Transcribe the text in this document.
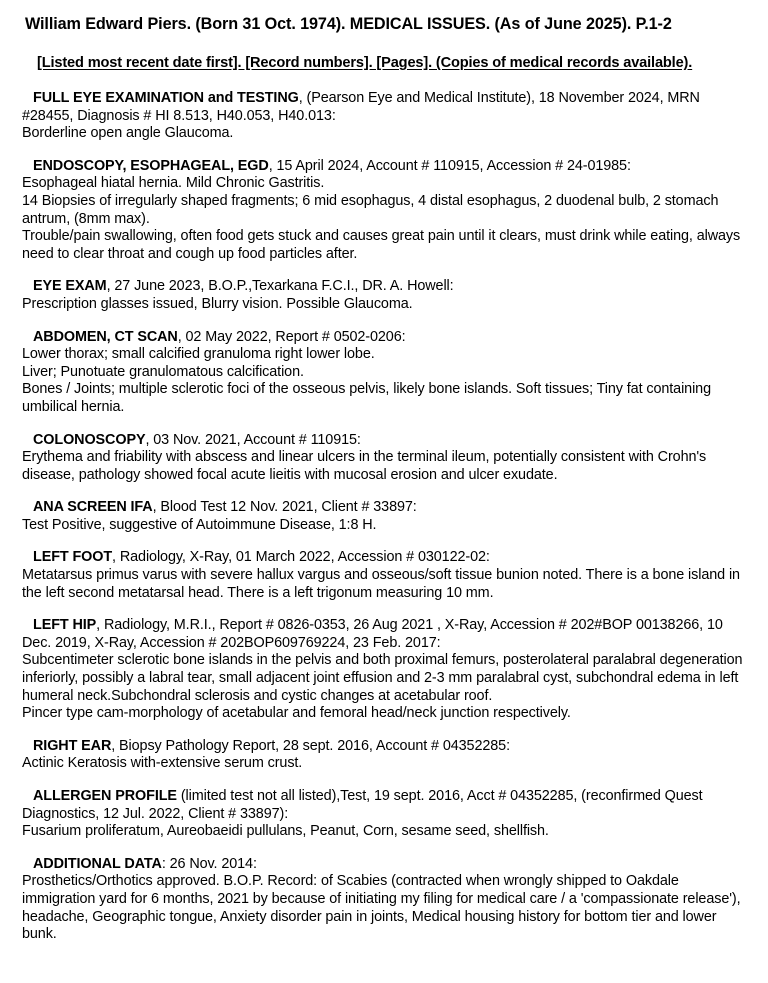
William Edward Piers. (Born 31 Oct. 1974). MEDICAL ISSUES. (As of June 2025). P.1-2
[Listed most recent date first]. [Record numbers]. [Pages]. (Copies of medical records available).

FULL EYE EXAMINATION and TESTING, (Pearson Eye and Medical Institute), 18 November 2024, MRN #28455, Diagnosis # HI 8.513, H40.053, H40.013:

Borderline open angle Glaucoma.

ENDOSCOPY, ESOPHAGEAL, EGD, 15 April 2024, Account # 110915, Accession # 24-01985:

Esophageal hiatal hernia. Mild Chronic Gastritis.
14 Biopsies of irregularly shaped fragments; 6 mid esophagus, 4 distal esophagus, 2 duodenal bulb, 2 stomach antrum, (8mm max).
Trouble/pain swallowing, often food gets stuck and causes great pain until it clears, must drink while eating, always need to clear throat and cough up food particles after.

EYE EXAM, 27 June 2023, B.O.P.,Texarkana F.C.I., DR. A. Howell:

Prescription glasses issued, Blurry vision. Possible Glaucoma.

ABDOMEN, CT SCAN, 02 May 2022, Report # 0502-0206:

Lower thorax; small calcified granuloma right lower lobe.
Liver; Punotuate granulomatous calcification.
Bones / Joints; multiple sclerotic foci of the osseous pelvis, likely bone islands. Soft tissues; Tiny fat containing umbilical hernia.

COLONOSCOPY, 03 Nov. 2021, Account # 110915:

Erythema and friability with abscess and linear ulcers in the terminal ileum, potentially consistent with Crohn's disease, pathology showed focal acute lieitis with mucosal erosion and ulcer exudate.

ANA SCREEN IFA, Blood Test 12 Nov. 2021, Client # 33897:

Test Positive, suggestive of Autoimmune Disease, 1:8 H.

LEFT FOOT, Radiology, X-Ray, 01 March 2022, Accession # 030122-02:

Metatarsus primus varus with severe hallux vargus and osseous/soft tissue bunion noted. There is a bone island in the left second metatarsal head. There is a left trigonum measuring 10 mm.

LEFT HIP, Radiology, M.R.I., Report # 0826-0353, 26 Aug 2021 , X-Ray, Accession # 202#BOP 00138266, 10 Dec. 2019, X-Ray, Accession # 202BOP609769224, 23 Feb. 2017:

Subcentimeter sclerotic bone islands in the pelvis and both proximal femurs, posterolateral paralabral degeneration inferiorly, possibly a labral tear, small adjacent joint effusion and 2-3 mm paralabral cyst, subchondral edema in left humeral neck.Subchondral sclerosis and cystic changes at acetabular roof.
Pincer type cam-morphology of acetabular and femoral head/neck junction respectively.

RIGHT EAR, Biopsy Pathology Report, 28 sept. 2016, Account # 04352285:

Actinic Keratosis with-extensive serum crust.

ALLERGEN PROFILE (limited test not all listed),Test, 19 sept. 2016, Acct # 04352285, (reconfirmed Quest Diagnostics, 12 Jul. 2022, Client # 33897):

Fusarium proliferatum, Aureobaeidi pullulans, Peanut, Corn, sesame seed, shellfish.

ADDITIONAL DATA: 26 Nov. 2014:

Prosthetics/Orthotics approved. B.O.P. Record: of Scabies (contracted when wrongly shipped to Oakdale immigration yard for 6 months, 2021 by because of initiating my filing for medical care / a 'compassionate release'), headache, Geographic tongue, Anxiety disorder pain in joints, Medical housing history for bottom tier and lower bunk.
